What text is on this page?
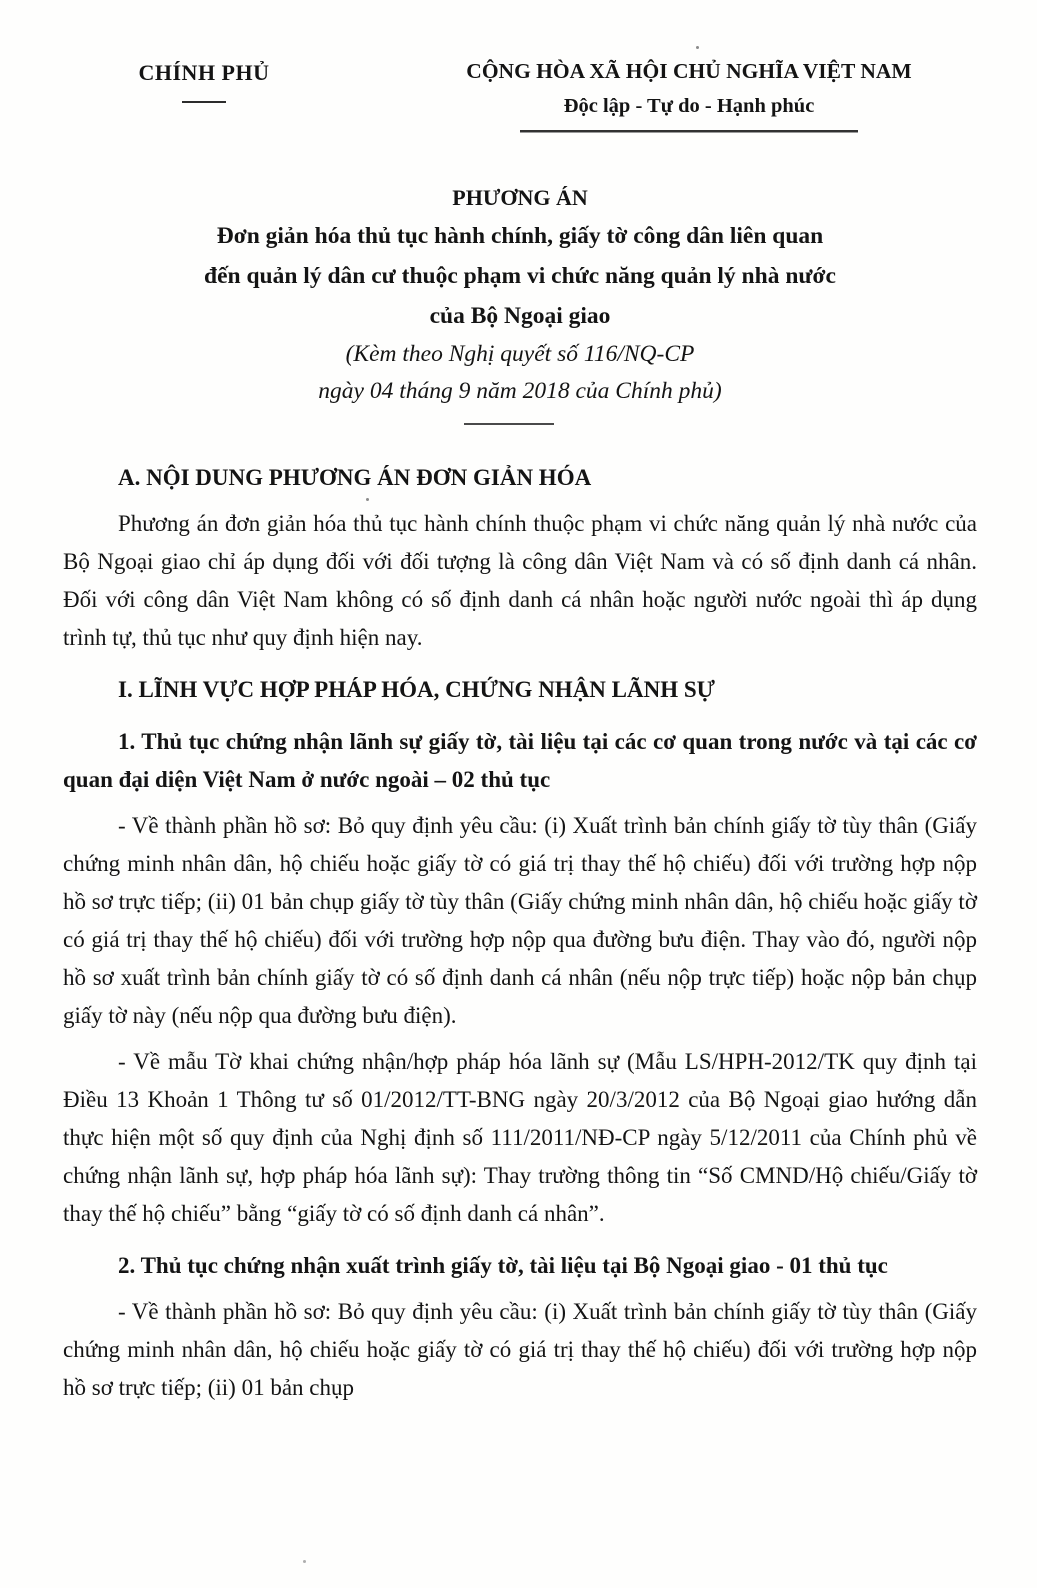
CHÍNH PHỦ	CỘNG HÒA XÃ HỘI CHỦ NGHĨA VIỆT NAM
Độc lập - Tự do - Hạnh phúc
PHƯƠNG ÁN
Đơn giản hóa thủ tục hành chính, giấy tờ công dân liên quan
đến quản lý dân cư thuộc phạm vi chức năng quản lý nhà nước
của Bộ Ngoại giao
(Kèm theo Nghị quyết số 116/NQ-CP
ngày 04 tháng 9 năm 2018 của Chính phủ)
A. NỘI DUNG PHƯƠNG ÁN ĐƠN GIẢN HÓA

Phương án đơn giản hóa thủ tục hành chính thuộc phạm vi chức năng quản lý nhà nước của Bộ Ngoại giao chỉ áp dụng đối với đối tượng là công dân Việt Nam và có số định danh cá nhân. Đối với công dân Việt Nam không có số định danh cá nhân hoặc người nước ngoài thì áp dụng trình tự, thủ tục như quy định hiện nay.

I. LĨNH VỰC HỢP PHÁP HÓA, CHỨNG NHẬN LÃNH SỰ

1. Thủ tục chứng nhận lãnh sự giấy tờ, tài liệu tại các cơ quan trong nước và tại các cơ quan đại diện Việt Nam ở nước ngoài – 02 thủ tục

- Về thành phần hồ sơ: Bỏ quy định yêu cầu: (i) Xuất trình bản chính giấy tờ tùy thân (Giấy chứng minh nhân dân, hộ chiếu hoặc giấy tờ có giá trị thay thế hộ chiếu) đối với trường hợp nộp hồ sơ trực tiếp; (ii) 01 bản chụp giấy tờ tùy thân (Giấy chứng minh nhân dân, hộ chiếu hoặc giấy tờ có giá trị thay thế hộ chiếu) đối với trường hợp nộp qua đường bưu điện. Thay vào đó, người nộp hồ sơ xuất trình bản chính giấy tờ có số định danh cá nhân (nếu nộp trực tiếp) hoặc nộp bản chụp giấy tờ này (nếu nộp qua đường bưu điện).

- Về mẫu Tờ khai chứng nhận/hợp pháp hóa lãnh sự (Mẫu LS/HPH-2012/TK quy định tại Điều 13 Khoản 1 Thông tư số 01/2012/TT-BNG ngày 20/3/2012 của Bộ Ngoại giao hướng dẫn thực hiện một số quy định của Nghị định số 111/2011/NĐ-CP ngày 5/12/2011 của Chính phủ về chứng nhận lãnh sự, hợp pháp hóa lãnh sự): Thay trường thông tin “Số CMND/Hộ chiếu/Giấy tờ thay thế hộ chiếu” bằng “giấy tờ có số định danh cá nhân”.

2. Thủ tục chứng nhận xuất trình giấy tờ, tài liệu tại Bộ Ngoại giao - 01 thủ tục

- Về thành phần hồ sơ: Bỏ quy định yêu cầu: (i) Xuất trình bản chính giấy tờ tùy thân (Giấy chứng minh nhân dân, hộ chiếu hoặc giấy tờ có giá trị thay thế hộ chiếu) đối với trường hợp nộp hồ sơ trực tiếp; (ii) 01 bản chụp
